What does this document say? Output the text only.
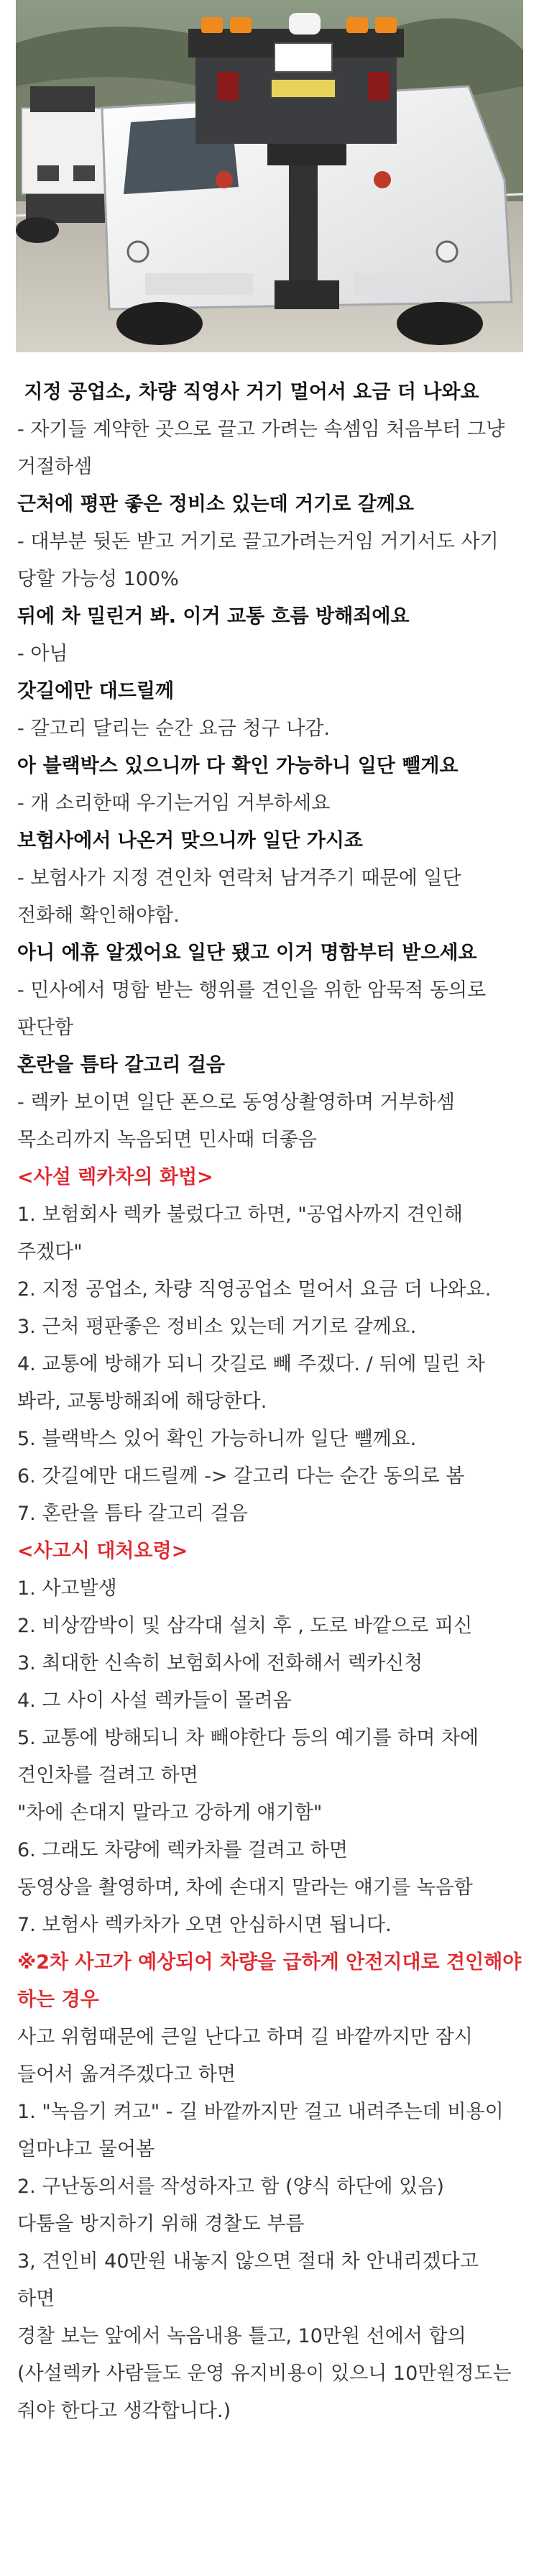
지정 공업소, 차량 직영사 거기 멀어서 요금 더 나와요

- 자기들 계약한 곳으로 끌고 가려는 속셈임 처음부터 그냥 거절하셈

근처에 평판 좋은 정비소 있는데 거기로 갈께요

- 대부분 뒷돈 받고 거기로 끌고가려는거임 거기서도 사기 당할 가능성 100%

뒤에 차 밀린거 봐. 이거 교통 흐름 방해죄에요

- 아님

갓길에만 대드릴께

- 갈고리 달리는 순간 요금 청구 나감.

아 블랙박스 있으니까 다 확인 가능하니 일단 뺄게요

- 개 소리한때 우기는거임 거부하세요

보험사에서 나온거 맞으니까 일단 가시죠

- 보험사가 지정 견인차 연락처 남겨주기 때문에 일단 전화해 확인해야함.

아니 에휴 알겠어요 일단 됐고 이거 명함부터 받으세요

- 민사에서 명함 받는 행위를 견인을 위한 암묵적 동의로 판단함

혼란을 틈타 갈고리 걸음

- 렉카 보이면 일단 폰으로 동영상촬영하며 거부하셈 목소리까지 녹음되면 민사때 더좋음

<사설 렉카차의 화법>

1. 보험회사 렉카 불렀다고 하면, "공업사까지 견인해 주겠다"

2. 지정 공업소, 차량 직영공업소 멀어서 요금 더 나와요.

3. 근처 평판좋은 정비소 있는데 거기로 갈께요.

4. 교통에 방해가 되니 갓길로 빼 주겠다. / 뒤에 밀린 차 봐라, 교통방해죄에 해당한다.

5. 블랙박스 있어 확인 가능하니까 일단 뺄께요.

6. 갓길에만 대드릴께 -> 갈고리 다는 순간 동의로 봄

7. 혼란을 틈타 갈고리 걸음

<사고시 대처요령>

1. 사고발생

2. 비상깜박이 및 삼각대 설치 후 , 도로 바깥으로 피신

3. 최대한 신속히 보험회사에 전화해서 렉카신청

4. 그 사이 사설 렉카들이 몰려옴

5. 교통에 방해되니 차 빼야한다 등의 예기를 하며 차에 견인차를 걸려고 하면

"차에 손대지 말라고 강하게 얘기함"

6. 그래도 차량에 렉카차를 걸려고 하면

동영상을 촬영하며, 차에 손대지 말라는 얘기를 녹음함

7. 보험사 렉카차가 오면 안심하시면 됩니다.

※2차 사고가 예상되어 차량을 급하게 안전지대로 견인해야 하는 경우

사고 위험때문에 큰일 난다고 하며 길 바깥까지만 잠시 들어서 옮겨주겠다고 하면

1. "녹음기 켜고" - 길 바깥까지만 걸고 내려주는데 비용이 얼마냐고 물어봄

2. 구난동의서를 작성하자고 함 (양식 하단에 있음)

다툼을 방지하기 위해 경찰도 부름

3, 견인비 40만원 내놓지 않으면 절대 차 안내리겠다고 하면

경찰 보는 앞에서 녹음내용 틀고, 10만원 선에서 합의

(사설렉카 사람들도 운영 유지비용이 있으니 10만원정도는 줘야 한다고 생각합니다.)
